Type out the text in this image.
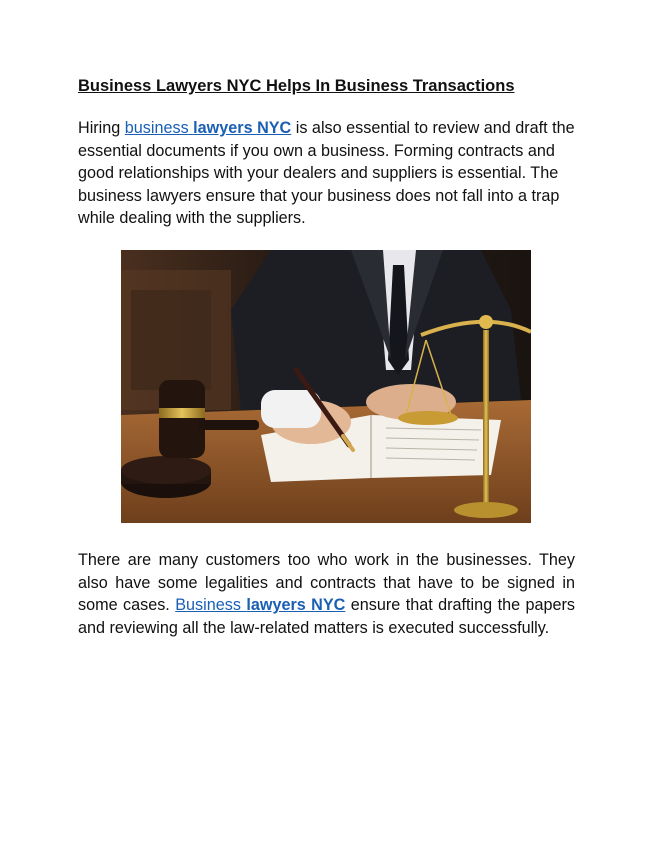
Business Lawyers NYC Helps In Business Transactions

Hiring business lawyers NYC is also essential to review and draft the essential documents if you own a business. Forming contracts and good relationships with your dealers and suppliers is essential. The business lawyers ensure that your business does not fall into a trap while dealing with the suppliers.

There are many customers too who work in the businesses. They also have some legalities and contracts that have to be signed in some cases. Business lawyers NYC ensure that drafting the papers and reviewing all the law-related matters is executed successfully.
